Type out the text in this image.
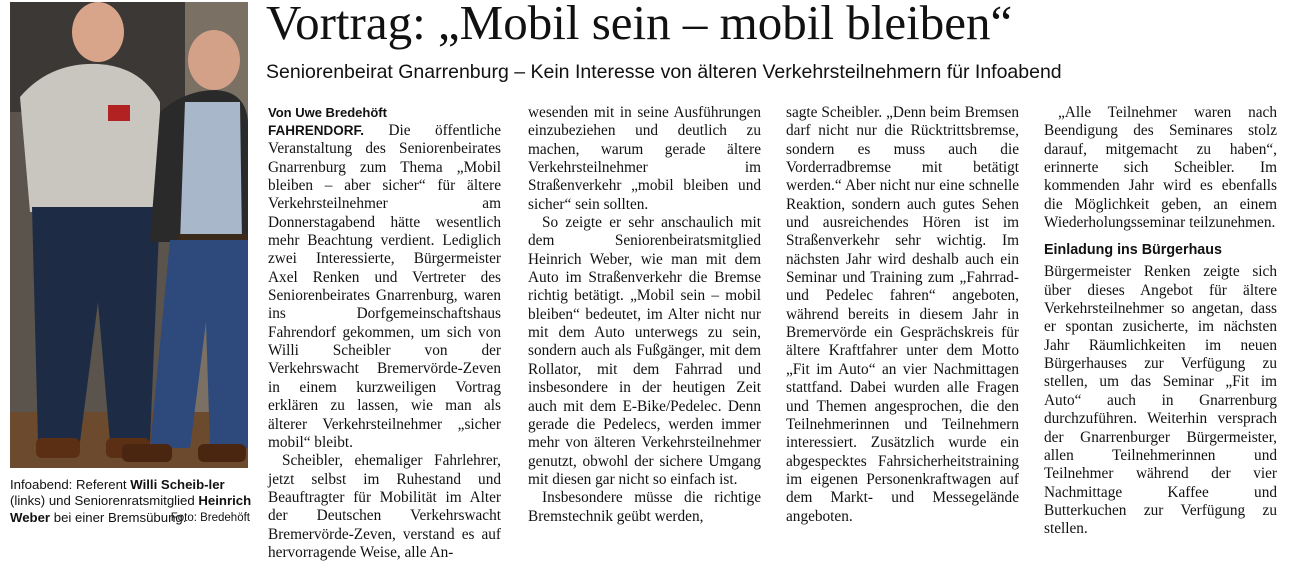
Infoabend: Referent Willi Scheib-ler (links) und Seniorenratsmitglied Heinrich Weber bei einer Bremsübung.
Foto: Bredehöft
Vortrag: „Mobil sein – mobil bleiben“
Seniorenbeirat Gnarrenburg – Kein Interesse von älteren Verkehrsteilnehmern für Infoabend
Von Uwe Bredehöft

FAHRENDORF. Die öffentliche Veranstaltung des Seniorenbeirates Gnarrenburg zum Thema „Mobil bleiben – aber sicher“ für ältere Verkehrsteilnehmer am Donnerstagabend hätte wesentlich mehr Beachtung verdient. Lediglich zwei Interessierte, Bürgermeister Axel Renken und Vertreter des Seniorenbeirates Gnarrenburg, waren ins Dorfgemeinschaftshaus Fahrendorf gekommen, um sich von Willi Scheibler von der Verkehrswacht Bremervörde-Zeven in einem kurzweiligen Vortrag erklären zu lassen, wie man als älterer Verkehrsteilnehmer „sicher mobil“ bleibt.

Scheibler, ehemaliger Fahrlehrer, jetzt selbst im Ruhestand und Beauftragter für Mobilität im Alter der Deutschen Verkehrswacht Bremervörde-Zeven, verstand es auf hervorragende Weise, alle An-

wesenden mit in seine Ausführungen einzubeziehen und deutlich zu machen, warum gerade ältere Verkehrsteilnehmer im Straßenverkehr „mobil bleiben und sicher“ sein sollten.

So zeigte er sehr anschaulich mit dem Seniorenbeiratsmitglied Heinrich Weber, wie man mit dem Auto im Straßenverkehr die Bremse richtig betätigt. „Mobil sein – mobil bleiben“ bedeutet, im Alter nicht nur mit dem Auto unterwegs zu sein, sondern auch als Fußgänger, mit dem Rollator, mit dem Fahrrad und insbesondere in der heutigen Zeit auch mit dem E-Bike/Pedelec. Denn gerade die Pedelecs, werden immer mehr von älteren Verkehrsteilnehmer genutzt, obwohl der sichere Umgang mit diesen gar nicht so einfach ist.

Insbesondere müsse die richtige Bremstechnik geübt werden,

sagte Scheibler. „Denn beim Bremsen darf nicht nur die Rücktrittsbremse, sondern es muss auch die Vorderradbremse mit betätigt werden.“ Aber nicht nur eine schnelle Reaktion, sondern auch gutes Sehen und ausreichendes Hören ist im Straßenverkehr sehr wichtig. Im nächsten Jahr wird deshalb auch ein Seminar und Training zum „Fahrrad- und Pedelec fahren“ angeboten, während bereits in diesem Jahr in Bremervörde ein Gesprächskreis für ältere Kraftfahrer unter dem Motto „Fit im Auto“ an vier Nachmittagen stattfand. Dabei wurden alle Fragen und Themen angesprochen, die den Teilnehmerinnen und Teilnehmern interessiert. Zusätzlich wurde ein abgespecktes Fahrsicherheitstraining im eigenen Personenkraftwagen auf dem Markt- und Messegelände angeboten.

„Alle Teilnehmer waren nach Beendigung des Seminares stolz darauf, mitgemacht zu haben“, erinnerte sich Scheibler. Im kommenden Jahr wird es ebenfalls die Möglichkeit geben, an einem Wiederholungsseminar teilzunehmen.

Einladung ins Bürgerhaus

Bürgermeister Renken zeigte sich über dieses Angebot für ältere Verkehrsteilnehmer so angetan, dass er spontan zusicherte, im nächsten Jahr Räumlichkeiten im neuen Bürgerhauses zur Verfügung zu stellen, um das Seminar „Fit im Auto“ auch in Gnarrenburg durchzuführen. Weiterhin versprach der Gnarrenburger Bürgermeister, allen Teilnehmerinnen und Teilnehmer während der vier Nachmittage Kaffee und Butterkuchen zur Verfügung zu stellen.
